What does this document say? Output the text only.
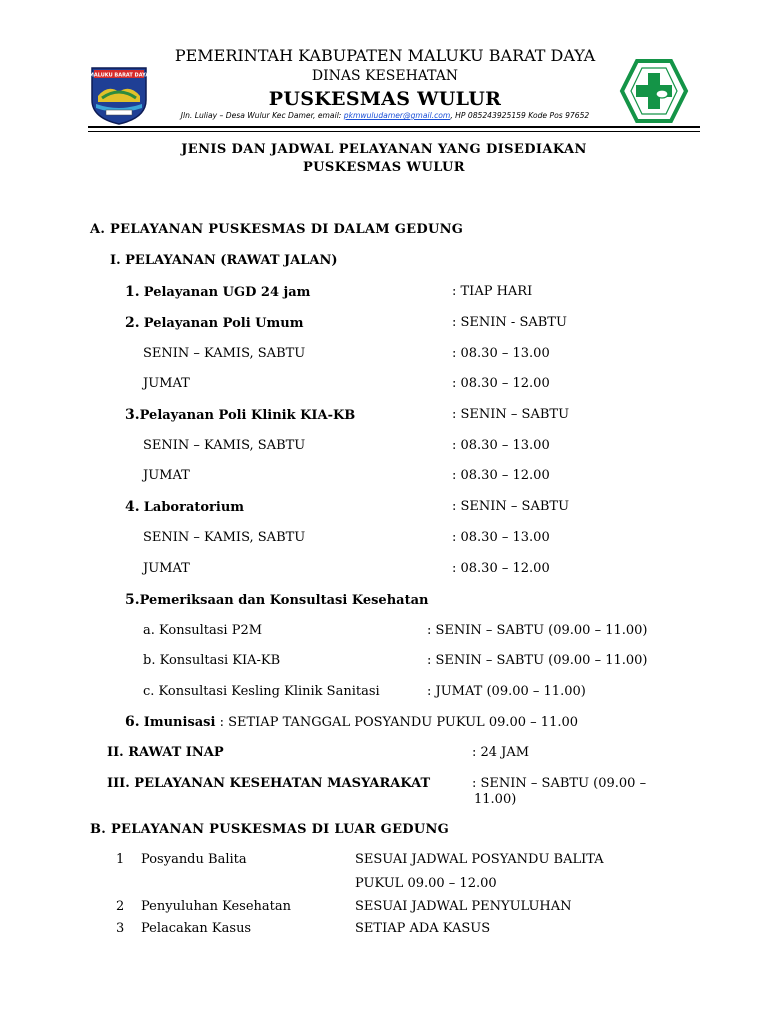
MALUKU BARAT DAYA
PEMERINTAH KABUPATEN MALUKU BARAT DAYA
DINAS KESEHATAN
PUSKESMAS WULUR
Jln. Luliay – Desa Wulur Kec Damer, email: pkmwuludamer@gmail.com, HP 085243925159 Kode Pos 97652
JENIS DAN JADWAL PELAYANAN YANG DISEDIAKAN
PUSKESMAS WULUR
A. PELAYANAN PUSKESMAS DI DALAM GEDUNG
I. PELAYANAN (RAWAT JALAN)
1. Pelayanan UGD 24 jam	: TIAP HARI
2. Pelayanan Poli Umum	: SENIN - SABTU
SENIN – KAMIS, SABTU	: 08.30 – 13.00
JUMAT	: 08.30 – 12.00
3.Pelayanan Poli Klinik KIA-KB	: SENIN – SABTU
SENIN – KAMIS, SABTU	: 08.30 – 13.00
JUMAT	: 08.30 – 12.00
4. Laboratorium	: SENIN – SABTU
SENIN – KAMIS, SABTU	: 08.30 – 13.00
JUMAT	: 08.30 – 12.00
5.Pemeriksaan dan Konsultasi Kesehatan
a. Konsultasi P2M	: SENIN – SABTU (09.00 – 11.00)
b. Konsultasi KIA-KB	: SENIN – SABTU (09.00 – 11.00)
c. Konsultasi Kesling Klinik Sanitasi	: JUMAT (09.00 – 11.00)
6. Imunisasi : SETIAP TANGGAL POSYANDU PUKUL 09.00 – 11.00
II. RAWAT INAP	: 24 JAM
III. PELAYANAN KESEHATAN MASYARAKAT	: SENIN – SABTU (09.00 –
11.00)
B. PELAYANAN PUSKESMAS DI LUAR GEDUNG
1 Posyandu Balita	SESUAI JADWAL POSYANDU BALITA
PUKUL 09.00 – 12.00
2 Penyuluhan Kesehatan	SESUAI JADWAL PENYULUHAN
3 Pelacakan Kasus	SETIAP ADA KASUS
